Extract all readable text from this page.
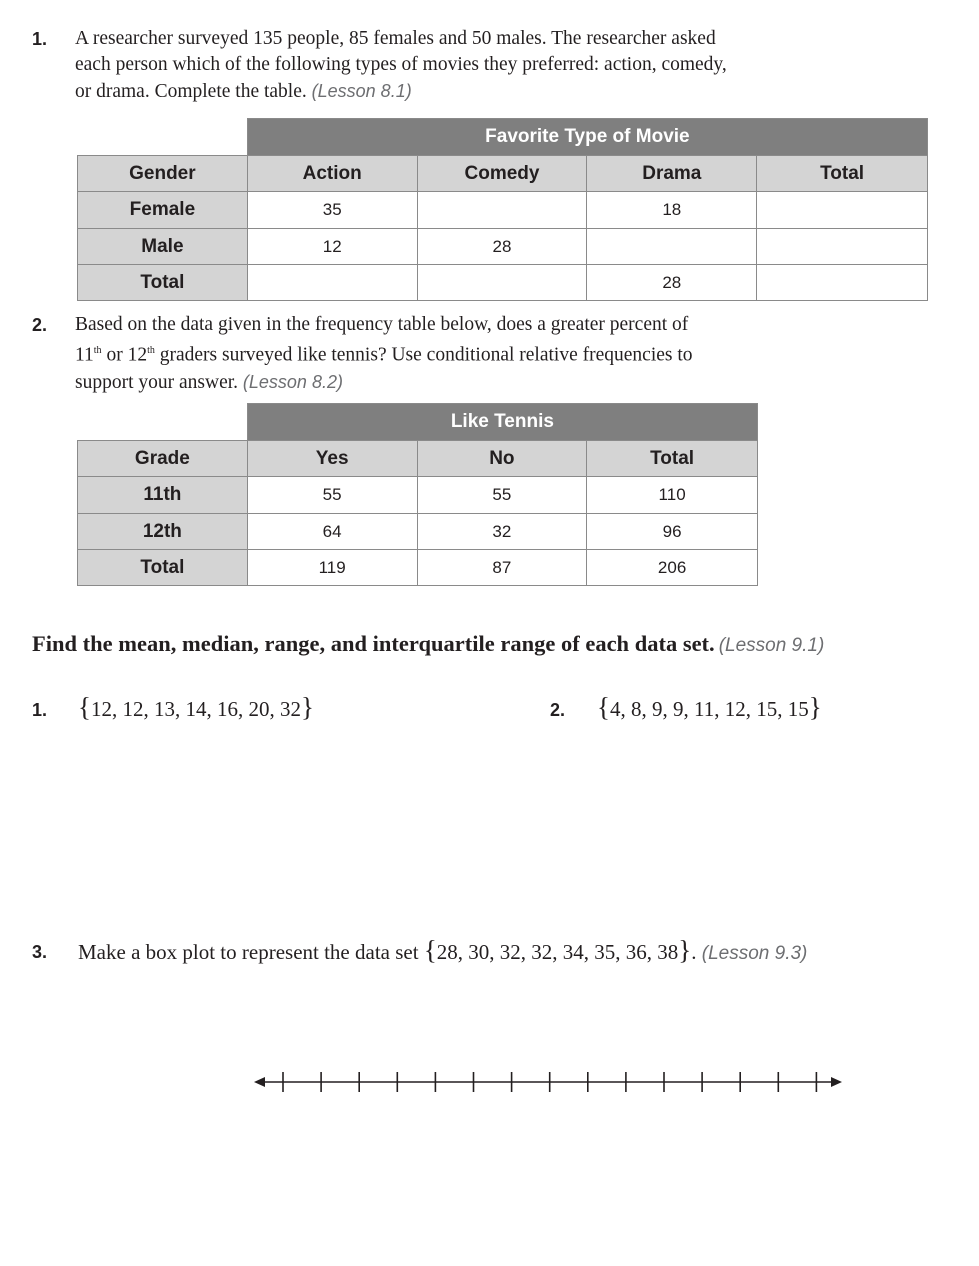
1. A researcher surveyed 135 people, 85 females and 50 males. The researcher asked
each person which of the following types of movies they preferred: action, comedy,
or drama. Complete the table. (Lesson 8.1)
	Favorite Type of Movie			
Gender	Action	Comedy	Drama	Total
Female	35		18	
Male	12	28		
Total			28	
2. Based on the data given in the frequency table below, does a greater percent of
11th or 12th graders surveyed like tennis? Use conditional relative frequencies to
support your answer. (Lesson 8.2)
	Like Tennis		
Grade	Yes	No	Total
11th	55	55	110
12th	64	32	96
Total	119	87	206
Find the mean, median, range, and interquartile range of each data set. (Lesson 9.1)
1. {12, 12, 13, 14, 16, 20, 32}	2. {4, 8, 9, 9, 11, 12, 15, 15}
3. Make a box plot to represent the data set {28, 30, 32, 32, 34, 35, 36, 38}. (Lesson 9.3)
